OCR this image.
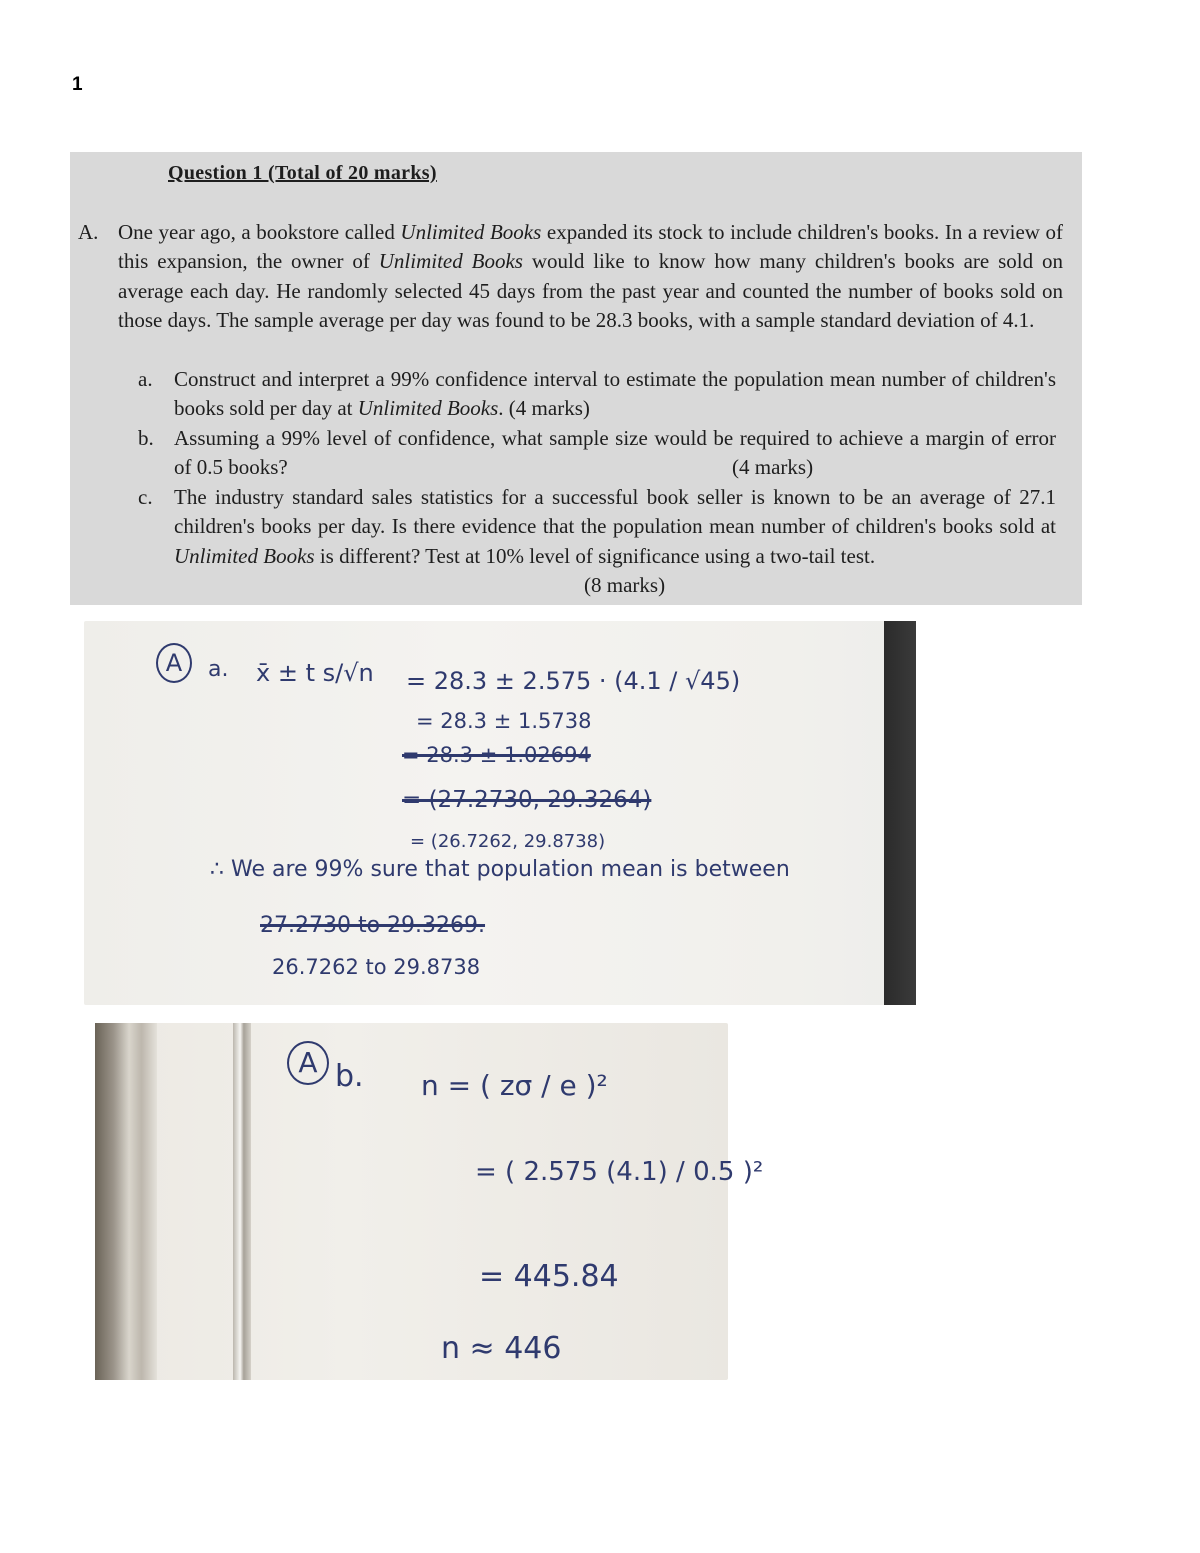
1
Question 1 (Total of 20 marks)
A. One year ago, a bookstore called Unlimited Books expanded its stock to include children's books. In a review of this expansion, the owner of Unlimited Books would like to know how many children's books are sold on average each day. He randomly selected 45 days from the past year and counted the number of books sold on those days. The sample average per day was found to be 28.3 books, with a sample standard deviation of 4.1.
a. Construct and interpret a 99% confidence interval to estimate the population mean number of children's books sold per day at Unlimited Books. (4 marks)
b. Assuming a 99% level of confidence, what sample size would be required to achieve a margin of error of 0.5 books?	(4 marks)
c. The industry standard sales statistics for a successful book seller is known to be an average of 27.1 children's books per day. Is there evidence that the population mean number of children's books sold at Unlimited Books is different? Test at 10% level of significance using a two-tail test.
(8 marks)
A	a. x̄ ± t s/√n = 28.3 ± 2.575 · (4.1 / √45)
= 28.3 ± 1.5738
= 28.3 ± 1.02694
= (27.2730, 29.3264)
= (26.7262, 29.8738)
∴ We are 99% sure that population mean is between
27.2730 to 29.3269.
26.7262 to 29.8738
A b. n = ( zσ / e )²
= ( 2.575 (4.1) / 0.5 )²
= 445.84
n ≈ 446
